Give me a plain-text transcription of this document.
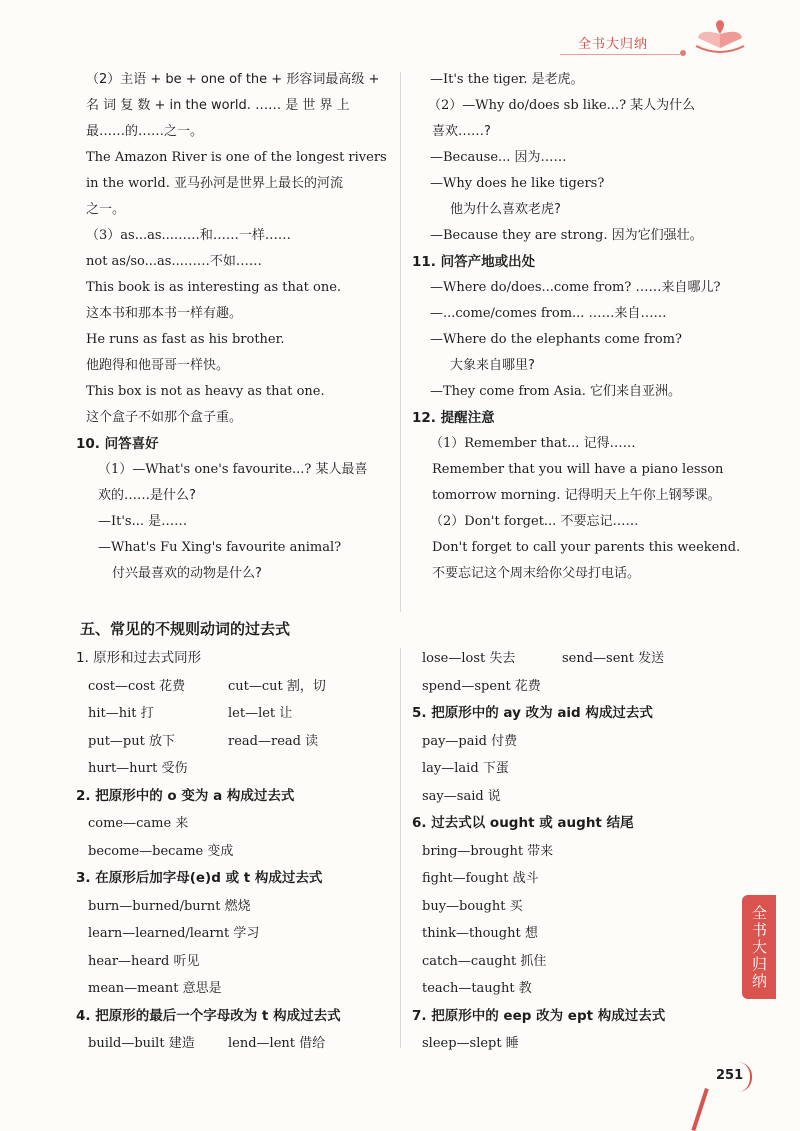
全书大归纳
（2）主语 + be + one of the + 形容词最高级 +
名 词 复 数 + in the world. …… 是 世 界 上
最……的……之一。
The Amazon River is one of the longest rivers
in the world. 亚马孙河是世界上最长的河流
之一。
（3）as...as...……和……一样……
not as/so...as...……不如……
This book is as interesting as that one.
这本书和那本书一样有趣。
He runs as fast as his brother.
他跑得和他哥哥一样快。
This box is not as heavy as that one.
这个盒子不如那个盒子重。
10. 问答喜好
（1）—What's one's favourite...? 某人最喜
欢的……是什么?
—It's... 是……
—What's Fu Xing's favourite animal?
付兴最喜欢的动物是什么?
—It's the tiger. 是老虎。
（2）—Why do/does sb like...? 某人为什么
喜欢……?
—Because... 因为……
—Why does he like tigers?
他为什么喜欢老虎?
—Because they are strong. 因为它们强壮。
11. 问答产地或出处
—Where do/does...come from? ……来自哪儿?
—...come/comes from... ……来自……
—Where do the elephants come from?
大象来自哪里?
—They come from Asia. 它们来自亚洲。
12. 提醒注意
（1）Remember that... 记得……
Remember that you will have a piano lesson
tomorrow morning. 记得明天上午你上钢琴课。
（2）Don't forget... 不要忘记……
Don't forget to call your parents this weekend.
不要忘记这个周末给你父母打电话。
五、常见的不规则动词的过去式
1. 原形和过去式同形
cost—cost 花费	cut—cut 割，切
hit—hit 打	let—let 让
put—put 放下	read—read 读
hurt—hurt 受伤
2. 把原形中的 o 变为 a 构成过去式
come—came 来
become—became 变成
3. 在原形后加字母(e)d 或 t 构成过去式
burn—burned/burnt 燃烧
learn—learned/learnt 学习
hear—heard 听见
mean—meant 意思是
4. 把原形的最后一个字母改为 t 构成过去式
build—built 建造	lend—lent 借给
lose—lost 失去	send—sent 发送
spend—spent 花费
5. 把原形中的 ay 改为 aid 构成过去式
pay—paid 付费
lay—laid 下蛋
say—said 说
6. 过去式以 ought 或 aught 结尾
bring—brought 带来
fight—fought 战斗
buy—bought 买
think—thought 想
catch—caught 抓住
teach—taught 教
7. 把原形中的 eep 改为 ept 构成过去式
sleep—slept 睡
全书大归纳
251
